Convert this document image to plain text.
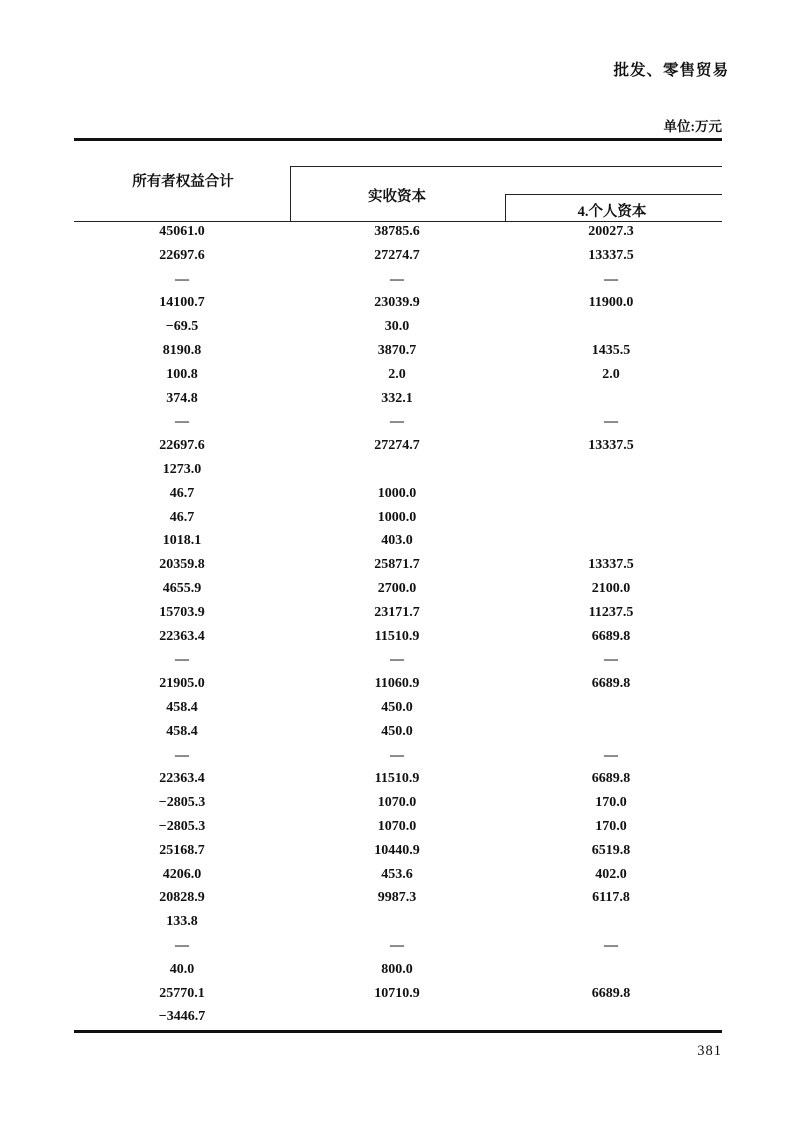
批发、零售贸易
单位:万元
所有者权益合计
实收资本
4.个人资本
45061.0	38785.6	20027.3
22697.6	27274.7	13337.5
—	—	—
14100.7	23039.9	11900.0
−69.5	30.0
8190.8	3870.7	1435.5
100.8	2.0	2.0
374.8	332.1
—	—	—
22697.6	27274.7	13337.5
1273.0
46.7	1000.0
46.7	1000.0
1018.1	403.0
20359.8	25871.7	13337.5
4655.9	2700.0	2100.0
15703.9	23171.7	11237.5
22363.4	11510.9	6689.8
—	—	—
21905.0	11060.9	6689.8
458.4	450.0
458.4	450.0
—	—	—
22363.4	11510.9	6689.8
−2805.3	1070.0	170.0
−2805.3	1070.0	170.0
25168.7	10440.9	6519.8
4206.0	453.6	402.0
20828.9	9987.3	6117.8
133.8
—	—	—
40.0	800.0
25770.1	10710.9	6689.8
−3446.7
381
